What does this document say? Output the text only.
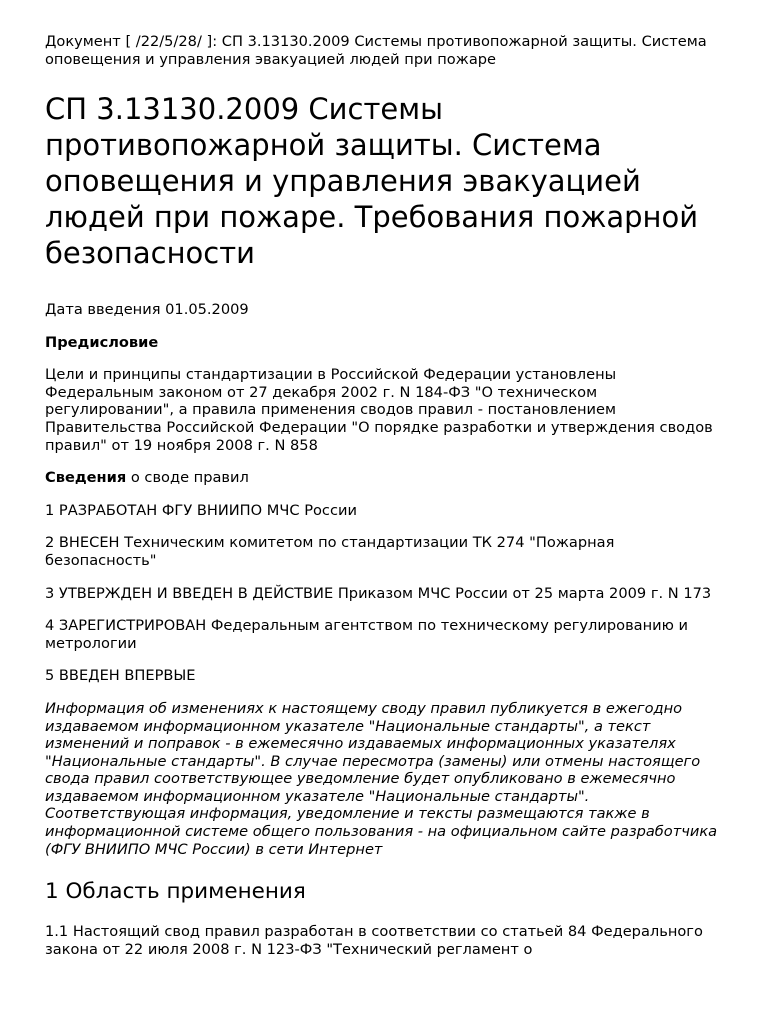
Документ [ /22/5/28/ ]: СП 3.13130.2009 Системы противопожарной защиты. Система оповещения и управления эвакуацией людей при пожаре

СП 3.13130.2009 Системы противопожарной защиты. Система оповещения и управления эвакуацией людей при пожаре. Требования пожарной безопасности

Дата введения 01.05.2009

Предисловие

Цели и принципы стандартизации в Российской Федерации установлены Федеральным законом от 27 декабря 2002 г. N 184-ФЗ "О техническом регулировании", а правила применения сводов правил - постановлением Правительства Российской Федерации "О порядке разработки и утверждения сводов правил" от 19 ноября 2008 г. N 858

Сведения о своде правил

1 РАЗРАБОТАН ФГУ ВНИИПО МЧС России

2 ВНЕСЕН Техническим комитетом по стандартизации ТК 274 "Пожарная безопасность"

3 УТВЕРЖДЕН И ВВЕДЕН В ДЕЙСТВИЕ Приказом МЧС России от 25 марта 2009 г. N 173

4 ЗАРЕГИСТРИРОВАН Федеральным агентством по техническому регулированию и метрологии

5 ВВЕДЕН ВПЕРВЫЕ

Информация об изменениях к настоящему своду правил публикуется в ежегодно издаваемом информационном указателе "Национальные стандарты", а текст изменений и поправок - в ежемесячно издаваемых информационных указателях "Национальные стандарты". В случае пересмотра (замены) или отмены настоящего свода правил соответствующее уведомление будет опубликовано в ежемесячно издаваемом информационном указателе "Национальные стандарты". Соответствующая информация, уведомление и тексты размещаются также в информационной системе общего пользования - на официальном сайте разработчика (ФГУ ВНИИПО МЧС России) в сети Интернет

1 Область применения

1.1 Настоящий свод правил разработан в соответствии со статьей 84 Федерального закона от 22 июля 2008 г. N 123-ФЗ "Технический регламент о
